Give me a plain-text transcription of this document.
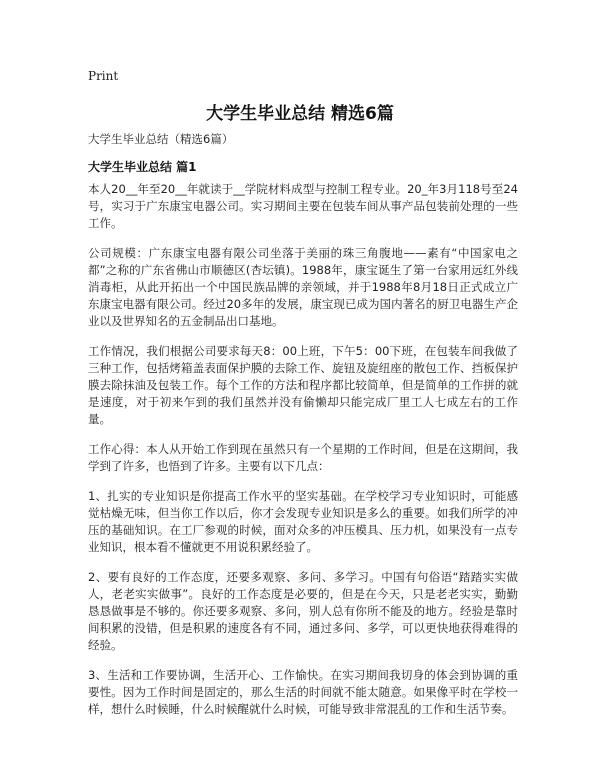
Print
大学生毕业总结 精选6篇

大学生毕业总结（精选6篇）

大学生毕业总结 篇1

本人20__年至20__年就读于__学院材料成型与控制工程专业。20_年3月118号至24号，实习于广东康宝电器公司。实习期间主要在包装车间从事产品包装前处理的一些工作。

公司规模：广东康宝电器有限公司坐落于美丽的珠三角腹地——素有“中国家电之都”之称的广东省佛山市顺德区(杏坛镇)。1988年，康宝诞生了第一台家用远红外线消毒柜，从此开拓出一个中国民族品牌的亲领域，并于1988年8月18日正式成立广东康宝电器有限公司。经过20多年的发展，康宝现已成为国内著名的厨卫电器生产企业以及世界知名的五金制品出口基地。

工作情况，我们根据公司要求每天8：00上班，下午5：00下班，在包装车间我做了三种工作，包括烤箱盖表面保护膜的去除工作、旋钮及旋纽座的散包工作、挡板保护膜去除抹油及包装工作。每个工作的方法和程序都比较简单，但是简单的工作拼的就是速度，对于初来乍到的我们虽然并没有偷懒却只能完成厂里工人七成左右的工作量。

工作心得：本人从开始工作到现在虽然只有一个星期的工作时间，但是在这期间，我学到了许多，也悟到了许多。主要有以下几点：

1、扎实的专业知识是你提高工作水平的坚实基础。在学校学习专业知识时，可能感觉枯燥无味，但当你工作以后，你才会发现专业知识是多么的重要。如我们所学的冲压的基础知识。在工厂参观的时候，面对众多的冲压模具、压力机，如果没有一点专业知识，根本看不懂就更不用说积累经验了。

2、要有良好的工作态度，还要多观察、多问、多学习。中国有句俗语“踏踏实实做人，老老实实做事”。良好的工作态度是必要的，但是在今天，只是老老实实，勤勤恳恳做事是不够的。你还要多观察、多问，别人总有你所不能及的地方。经验是靠时间积累的没错，但是积累的速度各有不同，通过多问、多学，可以更快地获得难得的经验。

3、生活和工作要协调，生活开心、工作愉快。在实习期间我切身的体会到协调的重要性。因为工作时间是固定的，那么生活的时间就不能太随意。如果像平时在学校一样，想什么时候睡，什么时候醒就什么时候，可能导致非常混乱的工作和生活节奏。
